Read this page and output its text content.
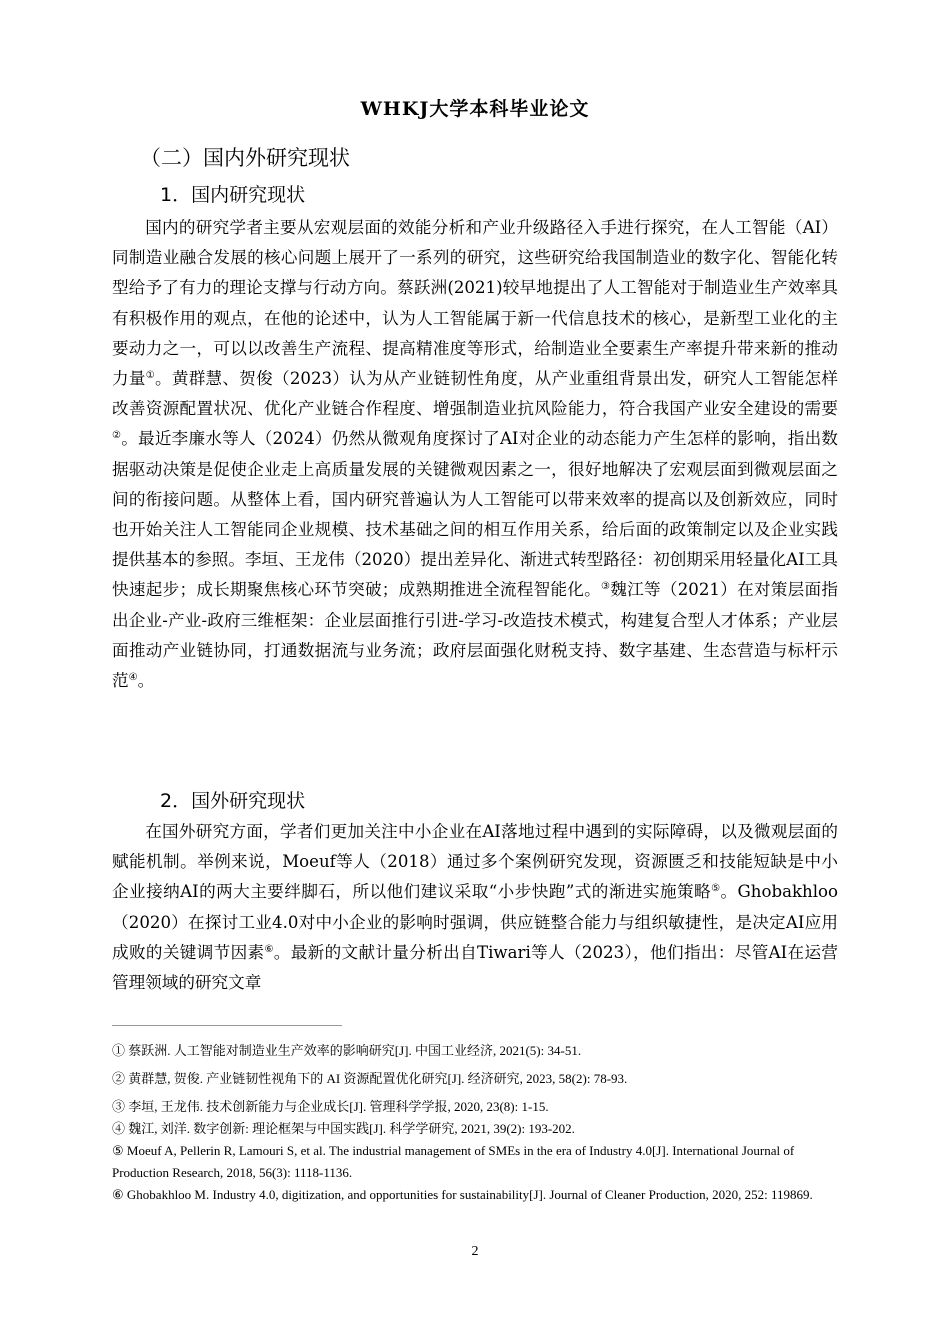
WHKJ大学本科毕业论文
（二）国内外研究现状
1．国内研究现状

国内的研究学者主要从宏观层面的效能分析和产业升级路径入手进行探究，在人工智能（AI）同制造业融合发展的核心问题上展开了一系列的研究，这些研究给我国制造业的数字化、智能化转型给予了有力的理论支撑与行动方向。蔡跃洲(2021)较早地提出了人工智能对于制造业生产效率具有积极作用的观点，在他的论述中，认为人工智能属于新一代信息技术的核心，是新型工业化的主要动力之一，可以以改善生产流程、提高精准度等形式，给制造业全要素生产率提升带来新的推动力量①。黄群慧、贺俊（2023）认为从产业链韧性角度，从产业重组背景出发，研究人工智能怎样改善资源配置状况、优化产业链合作程度、增强制造业抗风险能力，符合我国产业安全建设的需要②。最近李廉水等人（2024）仍然从微观角度探讨了AI对企业的动态能力产生怎样的影响，指出数据驱动决策是促使企业走上高质量发展的关键微观因素之一，很好地解决了宏观层面到微观层面之间的衔接问题。从整体上看，国内研究普遍认为人工智能可以带来效率的提高以及创新效应，同时也开始关注人工智能同企业规模、技术基础之间的相互作用关系，给后面的政策制定以及企业实践提供基本的参照。李垣、王龙伟（2020）提出差异化、渐进式转型路径：初创期采用轻量化AI工具快速起步；成长期聚焦核心环节突破；成熟期推进全流程智能化。③魏江等（2021）在对策层面指出企业-产业-政府三维框架：企业层面推行引进-学习-改造技术模式，构建复合型人才体系；产业层面推动产业链协同，打通数据流与业务流；政府层面强化财税支持、数字基建、生态营造与标杆示范④。

2．国外研究现状

在国外研究方面，学者们更加关注中小企业在AI落地过程中遇到的实际障碍，以及微观层面的赋能机制。举例来说，Moeuf等人（2018）通过多个案例研究发现，资源匮乏和技能短缺是中小企业接纳AI的两大主要绊脚石，所以他们建议采取“小步快跑”式的渐进实施策略⑤。Ghobakhloo（2020）在探讨工业4.0对中小企业的影响时强调，供应链整合能力与组织敏捷性，是决定AI应用成败的关键调节因素⑥。最新的文献计量分析出自Tiwari等人（2023），他们指出：尽管AI在运营管理领域的研究文章

① 蔡跃洲. 人工智能对制造业生产效率的影响研究[J]. 中国工业经济, 2021(5): 34-51.

② 黄群慧, 贺俊. 产业链韧性视角下的 AI 资源配置优化研究[J]. 经济研究, 2023, 58(2): 78-93.

③ 李垣, 王龙伟. 技术创新能力与企业成长[J]. 管理科学学报, 2020, 23(8): 1-15.

④ 魏江, 刘洋. 数字创新: 理论框架与中国实践[J]. 科学学研究, 2021, 39(2): 193-202.

⑤ Moeuf A, Pellerin R, Lamouri S, et al. The industrial management of SMEs in the era of Industry 4.0[J]. International Journal of Production Research, 2018, 56(3): 1118-1136.

⑥ Ghobakhloo M. Industry 4.0, digitization, and opportunities for sustainability[J]. Journal of Cleaner Production, 2020, 252: 119869.

2
